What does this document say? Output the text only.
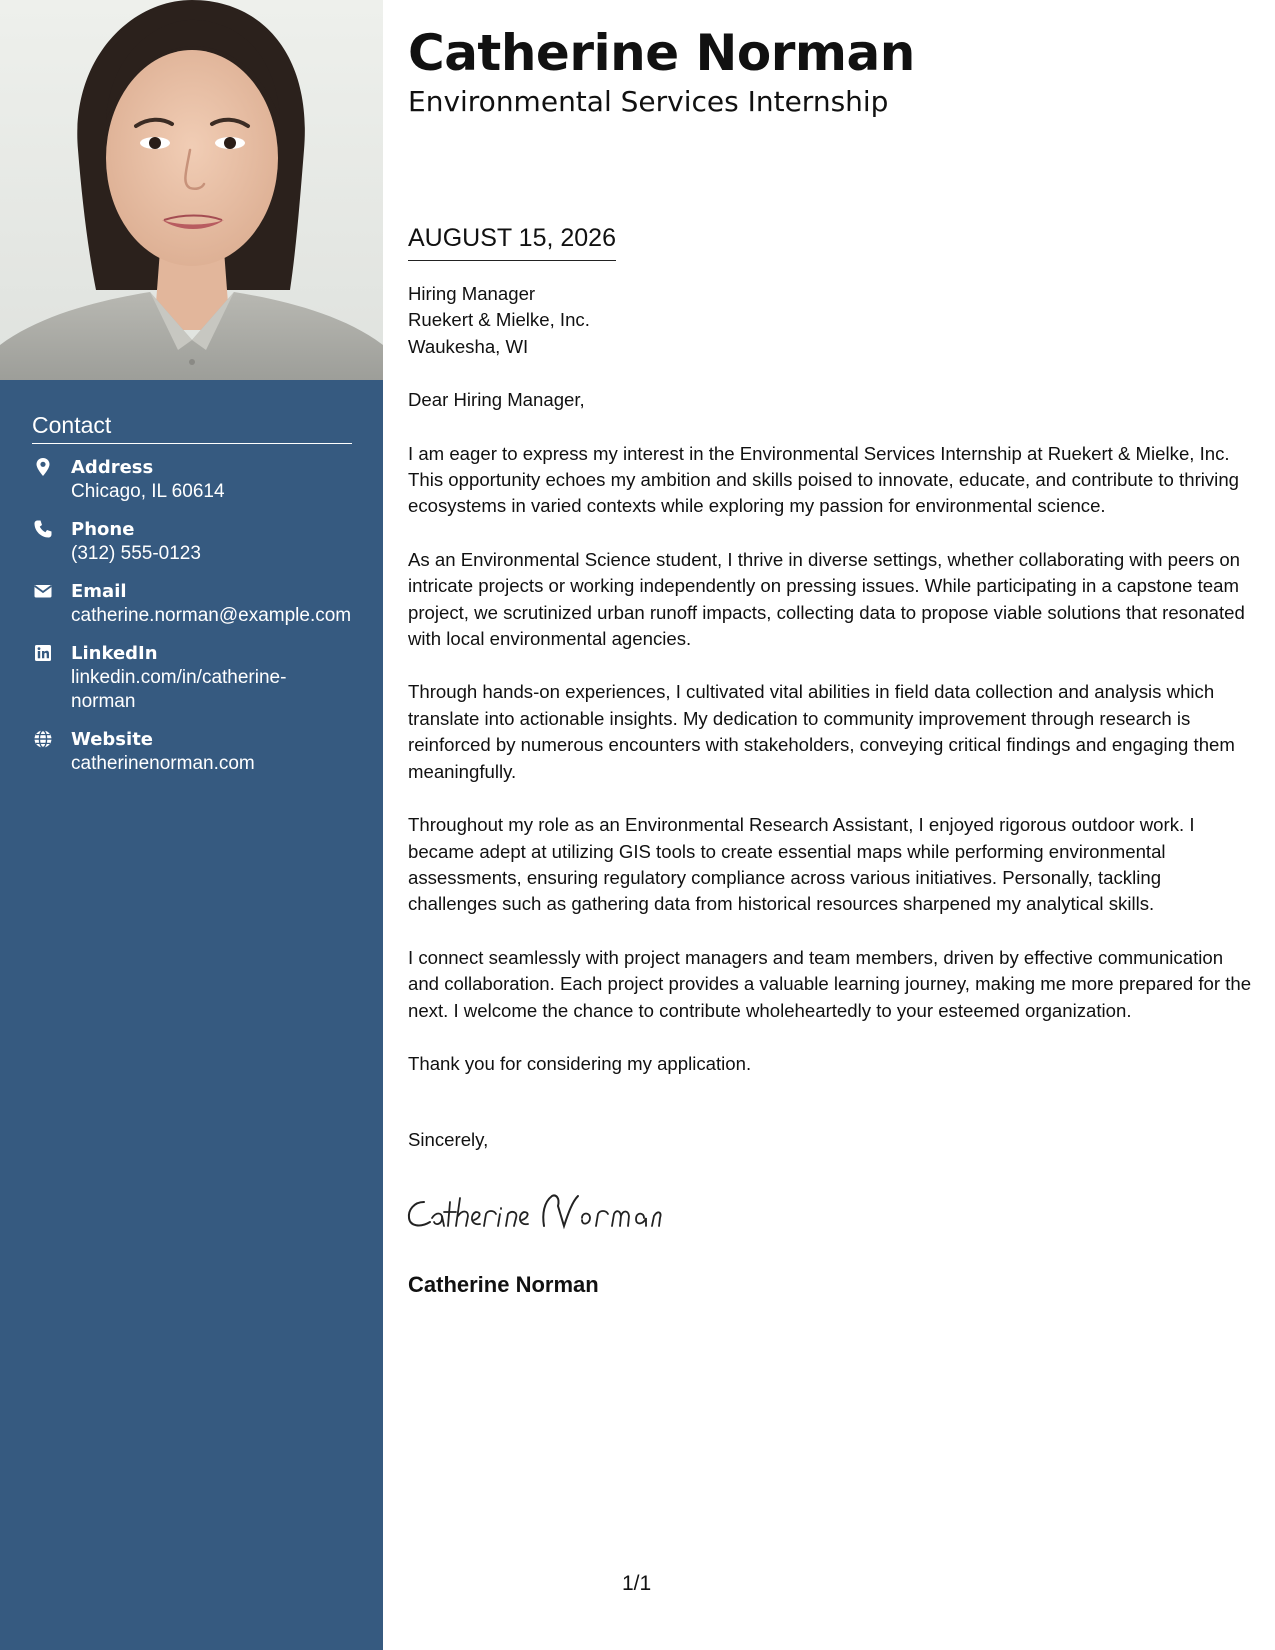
Contact
Address
Chicago, IL 60614
Phone
(312) 555-0123
Email
catherine.norman@example.com
LinkedIn
linkedin.com/in/catherine-norman
Website
catherinenorman.com
Catherine Norman
Environmental Services Internship
AUGUST 15, 2026
Hiring Manager
Ruekert & Mielke, Inc.
Waukesha, WI

Dear Hiring Manager,

I am eager to express my interest in the Environmental Services Internship at Ruekert & Mielke, Inc. This opportunity echoes my ambition and skills poised to innovate, educate, and contribute to thriving ecosystems in varied contexts while exploring my passion for environmental science.

As an Environmental Science student, I thrive in diverse settings, whether collaborating with peers on intricate projects or working independently on pressing issues. While participating in a capstone team project, we scrutinized urban runoff impacts, collecting data to propose viable solutions that resonated with local environmental agencies.

Through hands-on experiences, I cultivated vital abilities in field data collection and analysis which translate into actionable insights. My dedication to community improvement through research is reinforced by numerous encounters with stakeholders, conveying critical findings and engaging them meaningfully.

Throughout my role as an Environmental Research Assistant, I enjoyed rigorous outdoor work. I became adept at utilizing GIS tools to create essential maps while performing environmental assessments, ensuring regulatory compliance across various initiatives. Personally, tackling challenges such as gathering data from historical resources sharpened my analytical skills.

I connect seamlessly with project managers and team members, driven by effective communication and collaboration. Each project provides a valuable learning journey, making me more prepared for the next. I welcome the chance to contribute wholeheartedly to your esteemed organization.

Thank you for considering my application.

Sincerely,
Catherine Norman
1/1
